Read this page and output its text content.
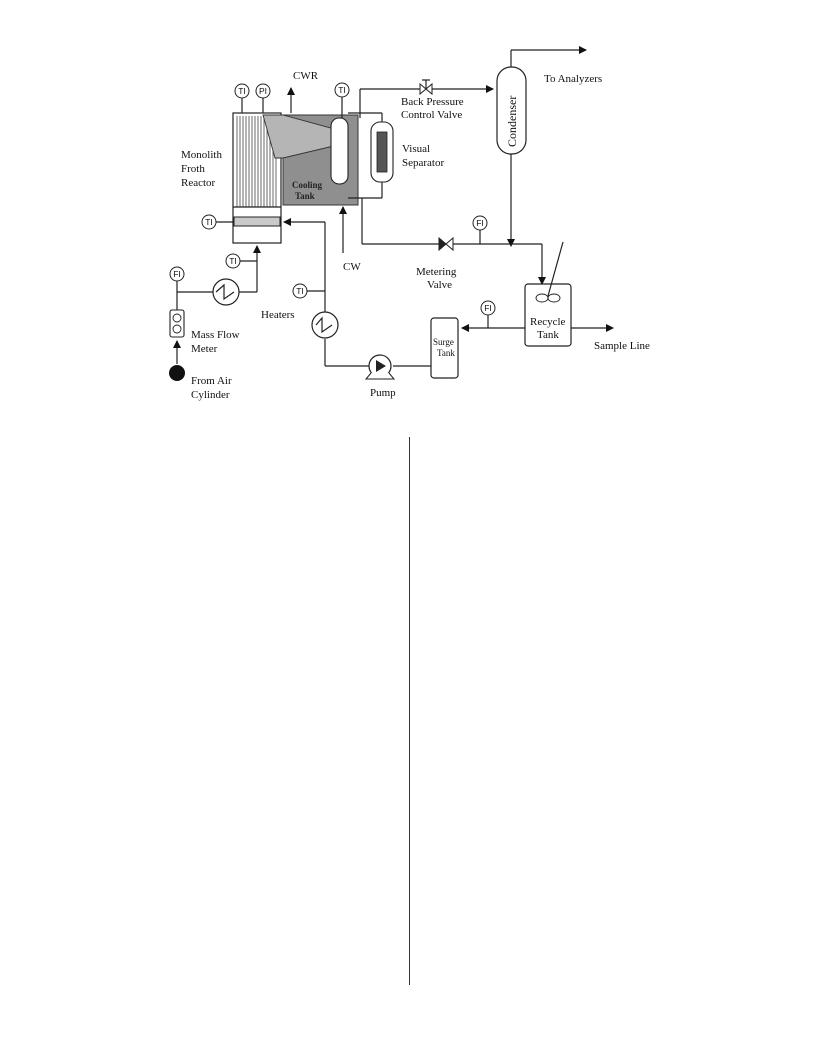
Monolith
Froth
Reactor	Cooling
Tank
CWR
CW
Visual
Separator
Back Pressure
Control Valve	Condenser
To Analyzers
Metering
Valve
Recycle
Tank
Sample Line
Surge
Tank
Pump
Heaters
Mass Flow
Meter
From Air
Cylinder
TI PI	TI
TI
TI
FI
TI
FI
FI
